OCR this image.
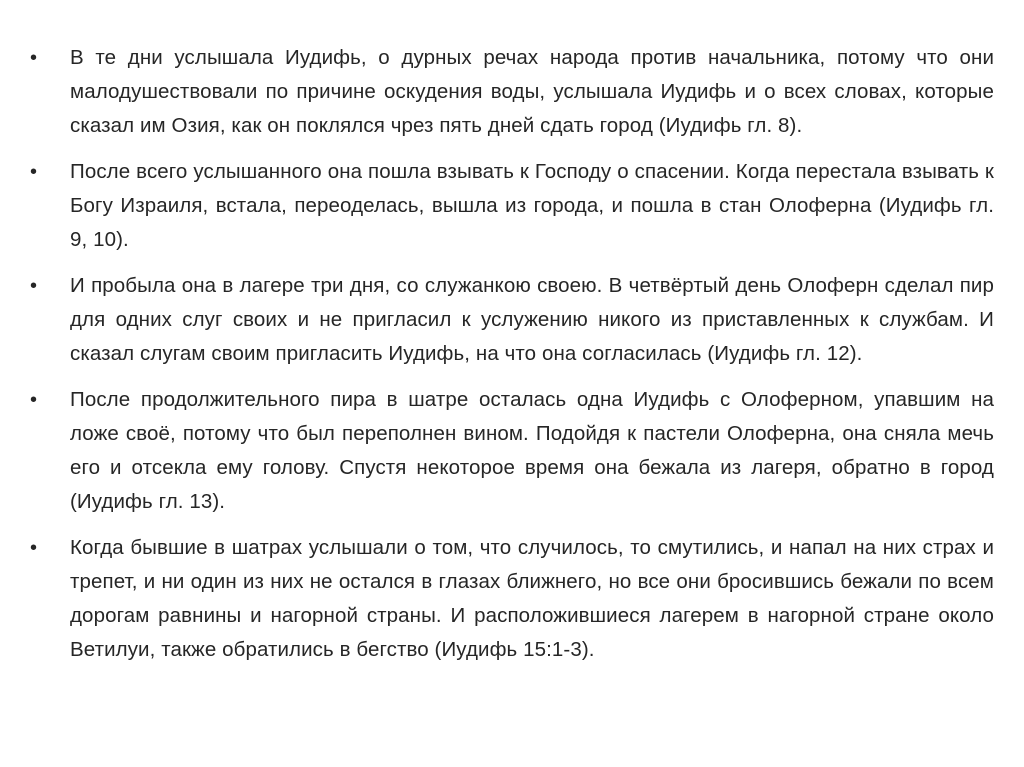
•	В те дни услышала Иудифь, о дурных речах народа против начальника, потому что они малодушествовали по причине оскудения воды, услышала Иудифь и о всех словах, которые сказал им Озия, как он поклялся чрез пять дней сдать город (Иудифь гл. 8).
•	После всего услышанного она пошла взывать к Господу о спасении. Когда перестала взывать к Богу Израиля, встала, переоделась, вышла из города, и пошла в стан Олоферна (Иудифь гл. 9, 10).
•	И пробыла она в лагере три дня, со служанкою своею. В четвёртый день Олоферн сделал пир для одних слуг своих и не пригласил к услужению никого из приставленных к службам. И сказал слугам своим пригласить Иудифь, на что она согласилась (Иудифь гл. 12).
•	После продолжительного пира в шатре осталась одна Иудифь с Олоферном, упавшим на ложе своё, потому что был переполнен вином. Подойдя к пастели Олоферна, она сняла мечь его и отсекла ему голову. Спустя некоторое время она бежала из лагеря, обратно в город (Иудифь гл. 13).
•	Когда бывшие в шатрах услышали о том, что случилось, то смутились, и напал на них страх и трепет, и ни один из них не остался в глазах ближнего, но все они бросившись бежали по всем дорогам равнины и нагорной страны. И расположившиеся лагерем в нагорной стране около Ветилуи, также обратились в бегство (Иудифь 15:1-3).
